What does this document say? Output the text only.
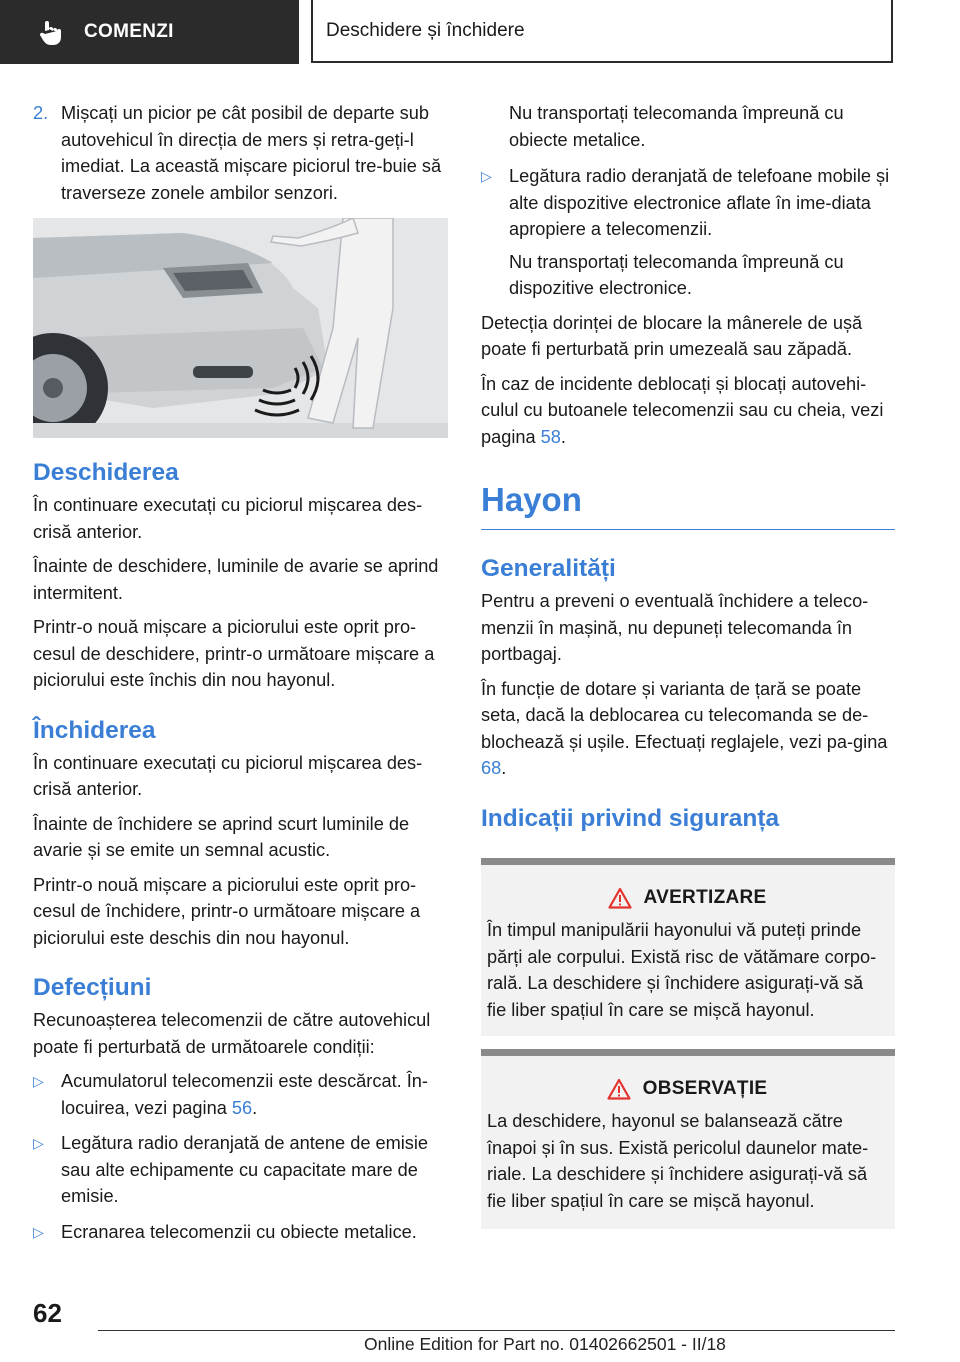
COMENZI	Deschidere și închidere
2. Mișcați un picior pe cât posibil de departe sub autovehicul în direcția de mers și retra-geți-l imediat. La această mișcare piciorul tre-buie să traverseze zonele ambilor senzori.
Deschiderea

În continuare executați cu piciorul mișcarea des-crisă anterior.

Înainte de deschidere, luminile de avarie se aprind intermitent.

Printr-o nouă mișcare a piciorului este oprit pro-cesul de deschidere, printr-o următoare mișcare a piciorului este închis din nou hayonul.

Închiderea

În continuare executați cu piciorul mișcarea des-crisă anterior.

Înainte de închidere se aprind scurt luminile de avarie și se emite un semnal acustic.

Printr-o nouă mișcare a piciorului este oprit pro-cesul de închidere, printr-o următoare mișcare a piciorului este deschis din nou hayonul.

Defecțiuni

Recunoașterea telecomenzii de către autovehicul poate fi perturbată de următoarele condiții:

▷ Acumulatorul telecomenzii este descărcat. În-locuirea, vezi pagina 56.
▷ Legătura radio deranjată de antene de emisie sau alte echipamente cu capacitate mare de emisie.
▷ Ecranarea telecomenzii cu obiecte metalice.

Nu transportați telecomanda împreună cu obiecte metalice.

▷ Legătura radio deranjată de telefoane mobile și alte dispozitive electronice aflate în ime-diata apropiere a telecomenzii.

Nu transportați telecomanda împreună cu dispozitive electronice.

Detecția dorinței de blocare la mânerele de ușă poate fi perturbată prin umezeală sau zăpadă.

În caz de incidente deblocați și blocați autovehi-culul cu butoanele telecomenzii sau cu cheia, vezi pagina 58.

Hayon
Generalități

Pentru a preveni o eventuală închidere a teleco-menzii în mașină, nu depuneți telecomanda în portbagaj.

În funcție de dotare și varianta de țară se poate seta, dacă la deblocarea cu telecomanda se de-blochează și ușile. Efectuați reglajele, vezi pa-gina 68.

Indicații privind siguranța
AVERTIZARE
În timpul manipulării hayonului vă puteți prinde părți ale corpului. Există risc de vătămare corpo-rală. La deschidere și închidere asigurați-vă să fie liber spațiul în care se mișcă hayonul.
OBSERVAȚIE
La deschidere, hayonul se balansează către înapoi și în sus. Există pericolul daunelor mate-riale. La deschidere și închidere asigurați-vă să fie liber spațiul în care se mișcă hayonul.
62
Online Edition for Part no. 01402662501 - II/18
